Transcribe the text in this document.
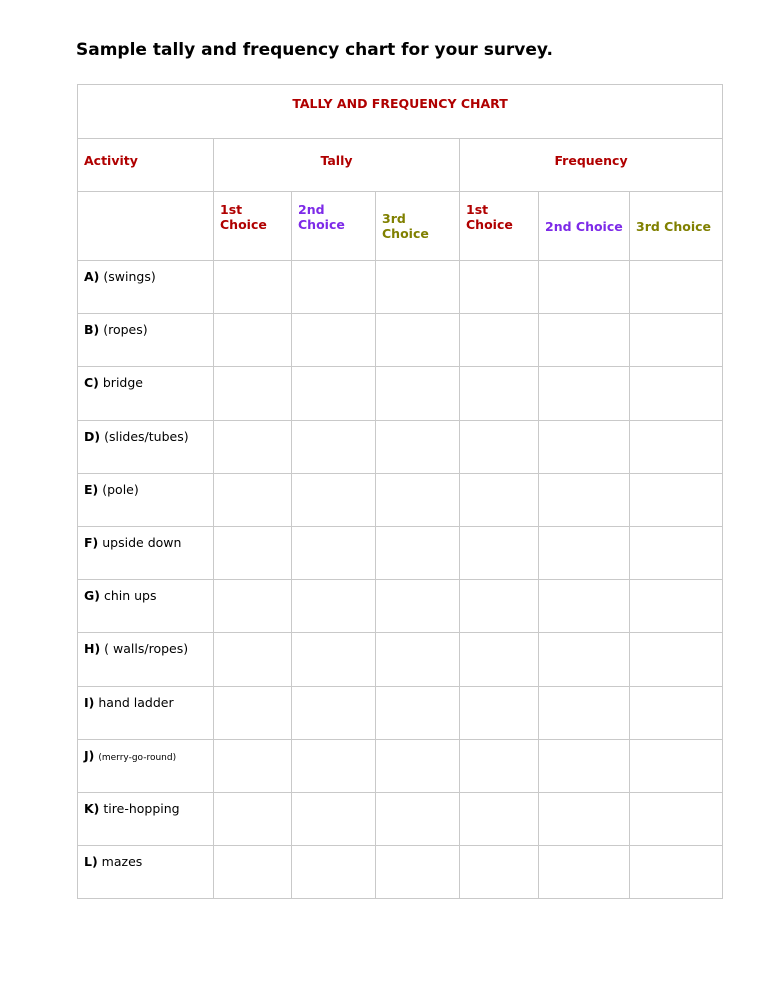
Sample tally and frequency chart for your survey.
TALLY AND FREQUENCY CHART						
Activity	Tally			Frequency		
	1st Choice	2nd Choice	3rd Choice	1st Choice	2nd Choice	3rd Choice
A) (swings)						
B) (ropes)						
C) bridge						
D) (slides/tubes)						
E) (pole)						
F) upside down						
G) chin ups						
H) ( walls/ropes)						
I) hand ladder						
J) (merry-go-round)						
K) tire-hopping						
L) mazes						
